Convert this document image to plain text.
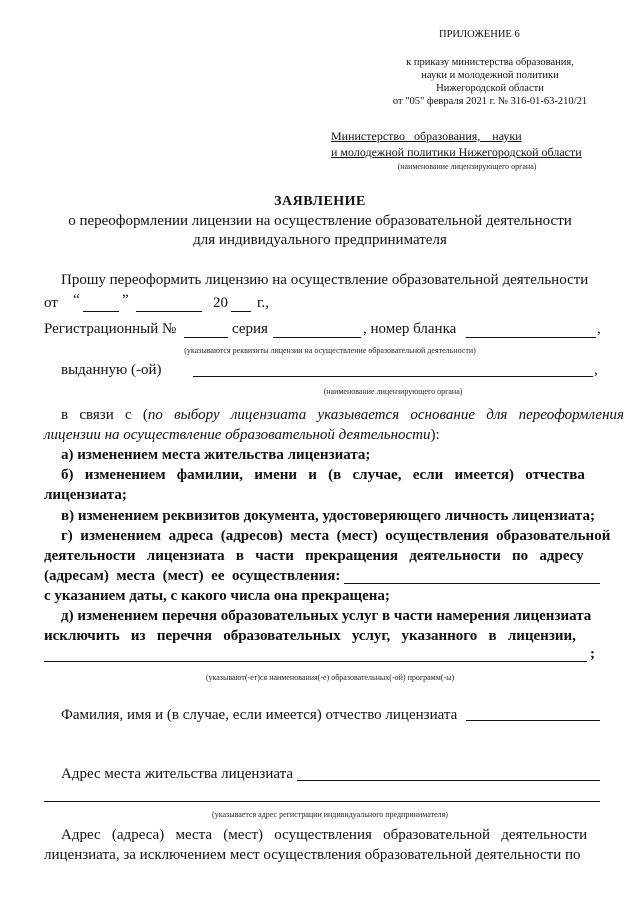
ПРИЛОЖЕНИЕ 6
к приказу министерства образования,
науки и молодежной политики
Нижегородской области
от "05" февраля 2021 г. № 316-01-63-210/21
Министерство   образования,    науки
и молодежной политики Нижегородской области
(наименование лицензирующего органа)
ЗАЯВЛЕНИЕ
о переоформлении лицензии на осуществление образовательной деятельности
для индивидуального предпринимателя
Прошу переоформить лицензию на осуществление образовательной деятельности
от “	”	20 г.,
Регистрационный №	серия	, номер бланка	,
(указываются реквизиты лицензии на осуществление образовательной деятельности)
выданную (-ой)	,
(наименование лицензирующего органа)
в   связи   с   (по   выбору   лицензиата   указывается   основание   для   переоформления
лицензии на осуществление образовательной деятельности):
а) изменением места жительства лицензиата;
б)   изменением   фамилии,   имени   и   (в   случае,   если   имеется)   отчества
лицензиата;
в) изменением реквизитов документа, удостоверяющего личность лицензиата;
г)  изменением  адреса  (адресов)  места  (мест)  осуществления  образовательной
деятельности   лицензиата   в   части   прекращения   деятельности   по   адресу
(адресам)  места  (мест)  ее  осуществления:
с указанием даты, с какого числа она прекращена;
д) изменением перечня образовательных услуг в части намерения лицензиата
исключить   из   перечня   образовательных   услуг,   указанного   в   лицензии,
;
(указывают(-ет)ся наименования(-е) образовательных(-ой) программ(-ы)
Фамилия, имя и (в случае, если имеется) отчество лицензиата
Адрес места жительства лицензиата
(указывается адрес регистрации индивидуального предпринимателя)
Адрес   (адреса)   места   (мест)   осуществления   образовательной   деятельности
лицензиата, за исключением мест осуществления образовательной деятельности по
